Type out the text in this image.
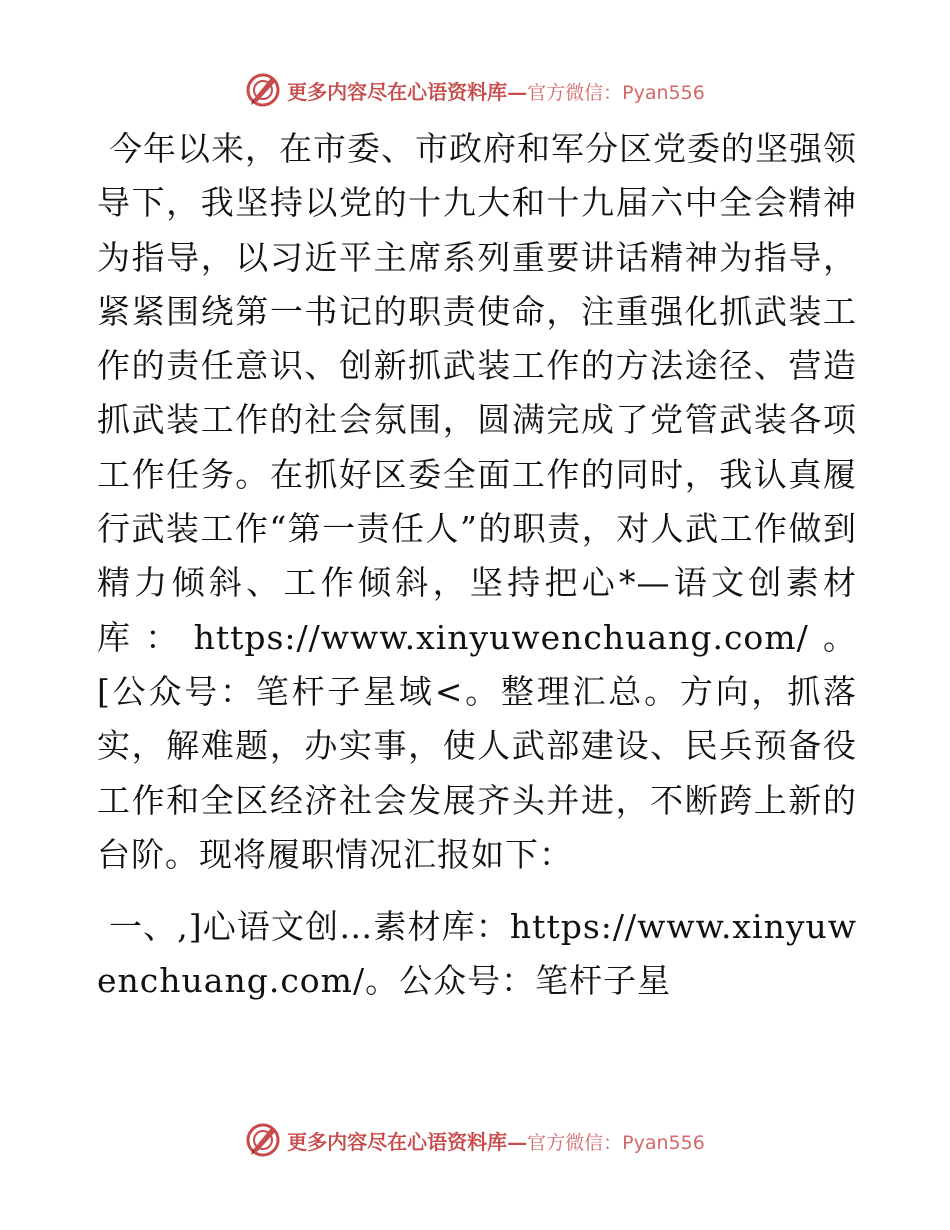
更多内容尽在心语资料库—官方微信：Pyan556

今年以来，在市委、市政府和军分区党委的坚强领导下，我坚持以党的十九大和十九届六中全会精神为指导，以习近平主席系列重要讲话精神为指导，紧紧围绕第一书记的职责使命，注重强化抓武装工作的责任意识、创新抓武装工作的方法途径、营造抓武装工作的社会氛围，圆满完成了党管武装各项工作任务。在抓好区委全面工作的同时，我认真履行武装工作“第一责任人”的职责，对人武工作做到精力倾斜、工作倾斜，坚持把心*—语文创素材库：https://www.xinyuwenchuang.com/。[公众号：笔杆子星域<。整理汇总。方向，抓落实，解难题，办实事，使人武部建设、民兵预备役工作和全区经济社会发展齐头并进，不断跨上新的台阶。现将履职情况汇报如下：

一、,]心语文创…素材库：https://www.xinyuwenchuang.com/。公众号：笔杆子星

更多内容尽在心语资料库—官方微信：Pyan556
